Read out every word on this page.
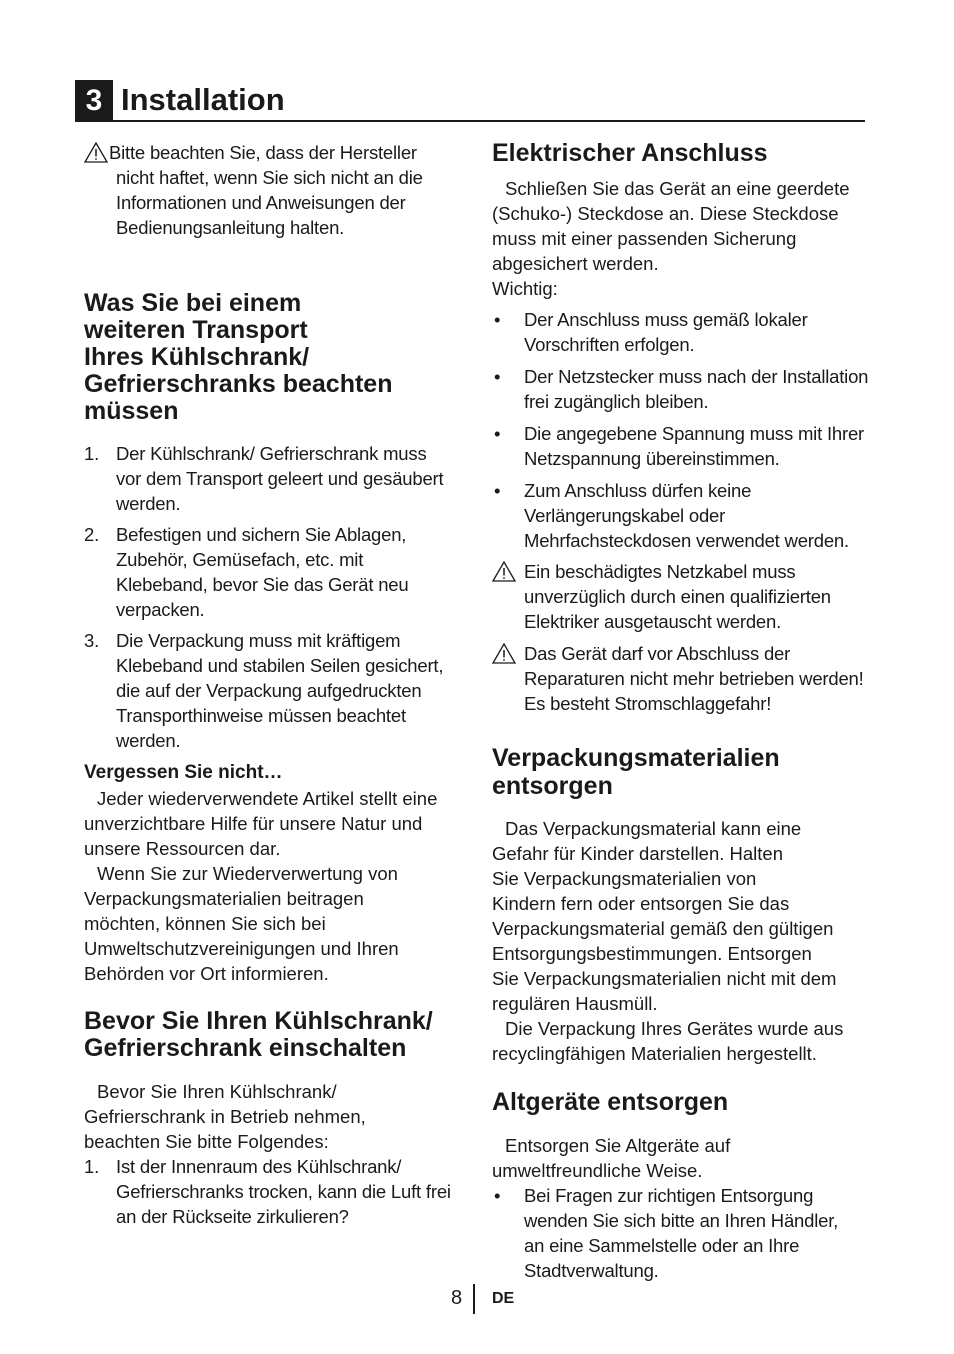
3 Installation
Bitte beachten Sie, dass der Hersteller
nicht haftet, wenn Sie sich nicht an die
Informationen und Anweisungen der
Bedienungsanleitung halten.
Was Sie bei einem
weiteren Transport
Ihres Kühlschrank/
Gefrierschranks beachten
müssen
1. Der Kühlschrank/ Gefrierschrank muss
vor dem Transport geleert und gesäubert
werden.
2. Befestigen und sichern Sie Ablagen,
Zubehör, Gemüsefach, etc. mit
Klebeband, bevor Sie das Gerät neu
verpacken.
3. Die Verpackung muss mit kräftigem
Klebeband und stabilen Seilen gesichert,
die auf der Verpackung aufgedruckten
Transporthinweise müssen beachtet
werden.
Vergessen Sie nicht…

Jeder wiederverwendete Artikel stellt eine
unverzichtbare Hilfe für unsere Natur und
unsere Ressourcen dar.

Wenn Sie zur Wiederverwertung von
Verpackungsmaterialien beitragen
möchten, können Sie sich bei
Umweltschutzvereinigungen und Ihren
Behörden vor Ort informieren.

Bevor Sie Ihren Kühlschrank/
Gefrierschrank einschalten

Bevor Sie Ihren Kühlschrank/
Gefrierschrank in Betrieb nehmen,
beachten Sie bitte Folgendes:

1. Ist der Innenraum des Kühlschrank/
Gefrierschranks trocken, kann die Luft frei
an der Rückseite zirkulieren?
Elektrischer Anschluss

Schließen Sie das Gerät an eine geerdete
(Schuko-) Steckdose an. Diese Steckdose
muss mit einer passenden Sicherung
abgesichert werden.

Wichtig:

• Der Anschluss muss gemäß lokaler
Vorschriften erfolgen.
• Der Netzstecker muss nach der Installation
frei zugänglich bleiben.
• Die angegebene Spannung muss mit Ihrer
Netzspannung übereinstimmen.
• Zum Anschluss dürfen keine
Verlängerungskabel oder
Mehrfachsteckdosen verwendet werden.
Ein beschädigtes Netzkabel muss
unverzüglich durch einen qualifizierten
Elektriker ausgetauscht werden.
Das Gerät darf vor Abschluss der
Reparaturen nicht mehr betrieben werden!
Es besteht Stromschlaggefahr!
Verpackungsmaterialien
entsorgen

Das Verpackungsmaterial kann eine
Gefahr für Kinder darstellen. Halten
Sie Verpackungsmaterialien von
Kindern fern oder entsorgen Sie das
Verpackungsmaterial gemäß den gültigen
Entsorgungsbestimmungen. Entsorgen
Sie Verpackungsmaterialien nicht mit dem
regulären Hausmüll.

Die Verpackung Ihres Gerätes wurde aus
recyclingfähigen Materialien hergestellt.

Altgeräte entsorgen

Entsorgen Sie Altgeräte auf
umweltfreundliche Weise.

• Bei Fragen zur richtigen Entsorgung
wenden Sie sich bitte an Ihren Händler,
an eine Sammelstelle oder an Ihre
Stadtverwaltung.
8 DE
